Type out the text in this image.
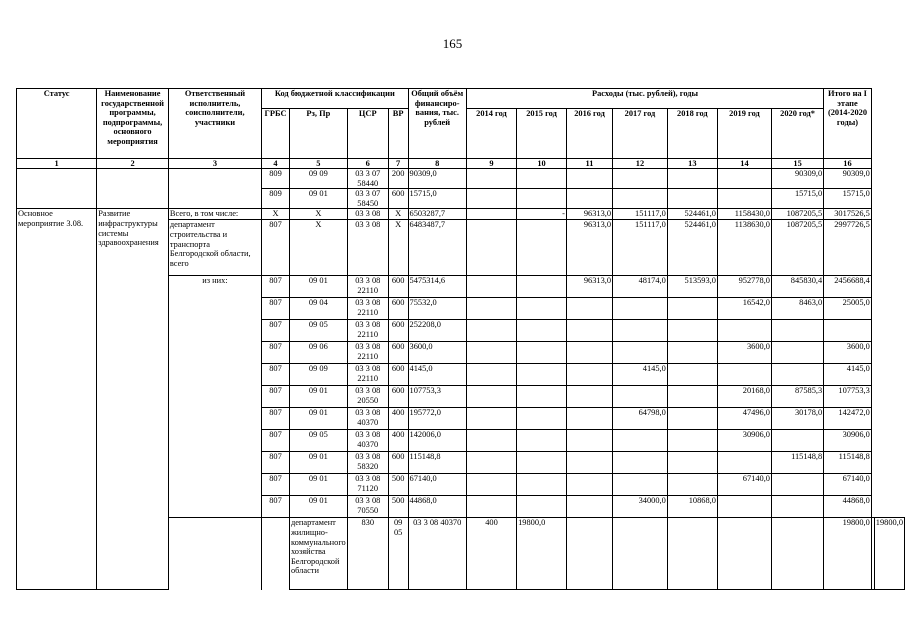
165
Статус	Наименование государственной программы, подпрограммы, основного мероприятия	Ответственный исполнитель, соисполнители, участники	Код бюджетной классификации				Общий объём финансиро-вания, тыс. рублей	Расходы (тыс. рублей), годы							Итого на I этапе (2014-2020 годы)		
			ГРБС	Рз, Пр	ЦСР	ВР		2014 год	2015 год	2016 год	2017 год	2018 год	2019 год	2020 год*			
1	2	3	4	5	6	7	8	9	10	11	12	13	14	15	16		
			809	09 09	03 3 07 58440	200	90309,0							90309,0	90309,0		
			809	09 01	03 3 07 58450	600	15715,0							15715,0	15715,0		
Основное мероприятие 3.08.	Развитие инфраструктуры системы здравоохранения	Всего, в том числе:	Х	Х	03 3 08	Х	6503287,7		-	96313,0	151117,0	524461,0	1158430,0	1087205,5	3017526,5		
		департамент строительства и транспорта Белгородской области, всего	807	Х	03 3 08	Х	6483487,7			96313,0	151117,0	524461,0	1138630,0	1087205,5	2997726,5		
		из них:	807	09 01	03 3 08 22110	600	5475314,6			96313,0	48174,0	513593,0	952778,0	845830,4	2456688,4		
			807	09 04	03 3 08 22110	600	75532,0						16542,0	8463,0	25005,0		
			807	09 05	03 3 08 22110	600	252208,0										
			807	09 06	03 3 08 22110	600	3600,0						3600,0		3600,0		
			807	09 09	03 3 08 22110	600	4145,0				4145,0				4145,0		
			807	09 01	03 3 08 20550	600	107753,3						20168,0	87585,3	107753,3		
			807	09 01	03 3 08 40370	400	195772,0				64798,0		47496,0	30178,0	142472,0		
			807	09 05	03 3 08 40370	400	142006,0						30906,0		30906,0		
			807	09 01	03 3 08 58320	600	115148,8							115148,8	115148,8		
			807	09 01	03 3 08 71120	500	67140,0						67140,0		67140,0		
			807	09 01	03 3 08 70550	500	44868,0				34000,0	10868,0			44868,0		
				департамент жилищно-коммунального хозяйства Белгородской области	830	09 05	03 3 08 40370	400	19800,0						19800,0		19800,0
